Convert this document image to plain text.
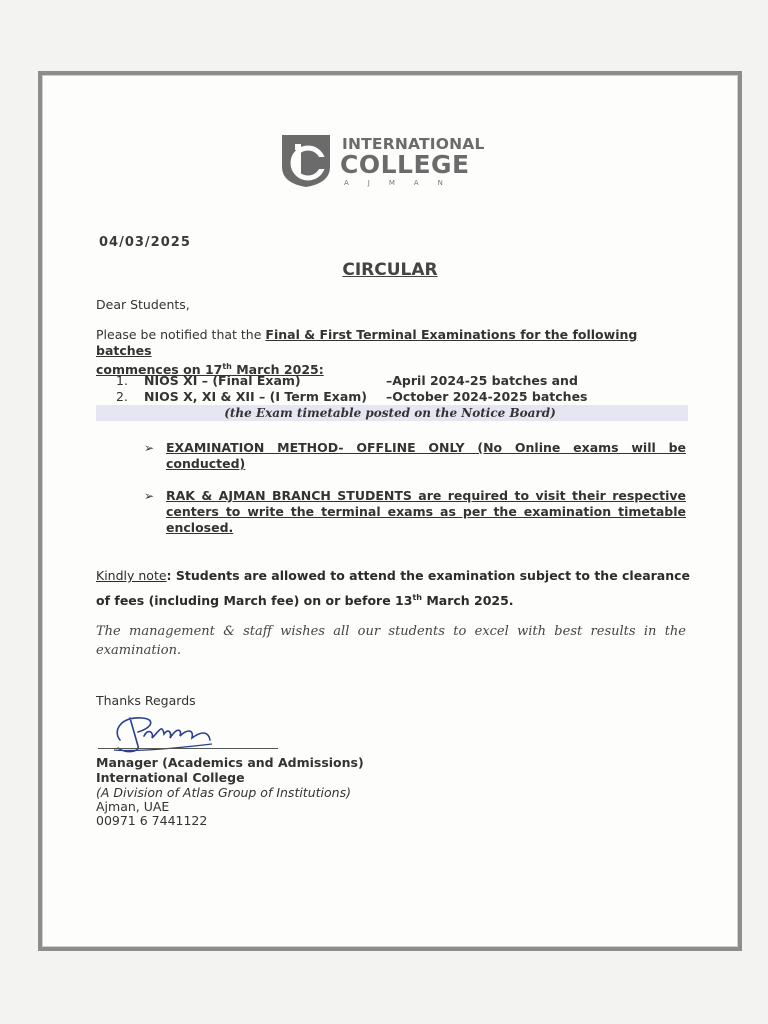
INTERNATIONAL
COLLEGE
AJMAN
04/03/2025
CIRCULAR
Dear Students,
Please be notified that the Final & First Terminal Examinations for the following batches
commences on 17th March 2025:
1. NIOS XI – (Final Exam)	–April 2024-25 batches and
2. NIOS X, XI & XII – (I Term Exam) –October 2024-2025 batches
(the Exam timetable posted on the Notice Board)
➢ EXAMINATION METHOD- OFFLINE ONLY (No Online exams will be conducted)
➢ RAK & AJMAN BRANCH STUDENTS are required to visit their respective centers to write the terminal exams as per the examination timetable enclosed.
Kindly note: Students are allowed to attend the examination subject to the clearance of fees (including March fee) on or before 13th March 2025.
The management & staff wishes all our students to excel with best results in the examination.
Thanks Regards
Manager (Academics and Admissions)
International College
(A Division of Atlas Group of Institutions)
Ajman, UAE
00971 6 7441122
